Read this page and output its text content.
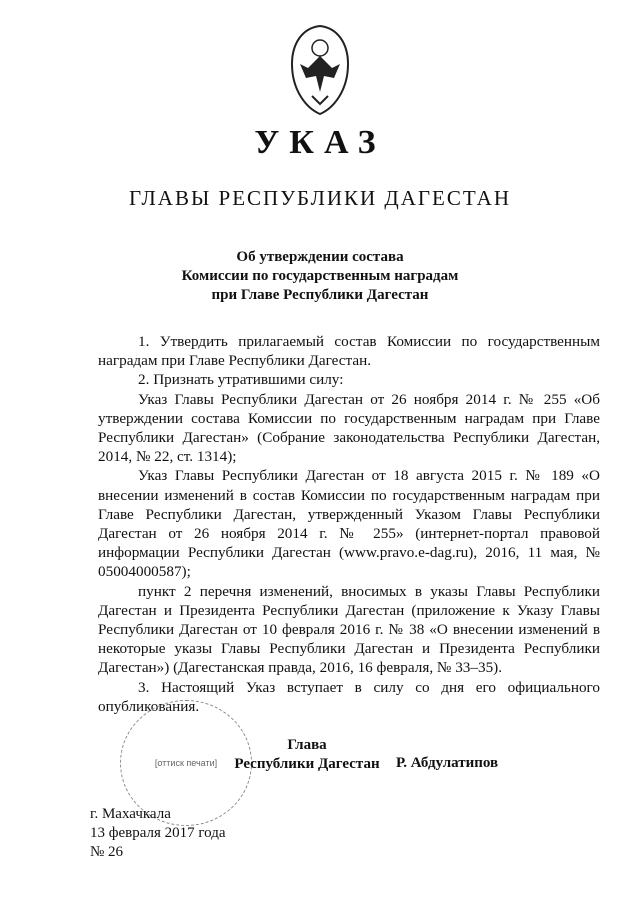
УКАЗ
ГЛАВЫ РЕСПУБЛИКИ ДАГЕСТАН
Об утверждении состава
Комиссии по государственным наградам
при Главе Республики Дагестан

1. Утвердить прилагаемый состав Комиссии по государственным наградам при Главе Республики Дагестан.

2. Признать утратившими силу:

Указ Главы Республики Дагестан от 26 ноября 2014 г. № 255 «Об утверждении состава Комиссии по государственным наградам при Главе Республики Дагестан» (Собрание законодательства Республики Дагестан, 2014, № 22, ст. 1314);

Указ Главы Республики Дагестан от 18 августа 2015 г. № 189 «О внесении изменений в состав Комиссии по государственным наградам при Главе Республики Дагестан, утвержденный Указом Главы Республики Дагестан от 26 ноября 2014 г. № 255» (интернет-портал правовой информации Республики Дагестан (www.pravo.e-dag.ru), 2016, 11 мая, № 05004000587);

пункт 2 перечня изменений, вносимых в указы Главы Республики Дагестан и Президента Республики Дагестан (приложение к Указу Главы Республики Дагестан от 10 февраля 2016 г. № 38 «О внесении изменений в некоторые указы Главы Республики Дагестан и Президента Республики Дагестан») (Дагестанская правда, 2016, 16 февраля, № 33–35).

3. Настоящий Указ вступает в силу со дня его официального опубликования.

[оттиск печати]
Глава
Республики Дагестан	Р. Абдулатипов
г. Махачкала
13 февраля 2017 года
№ 26
